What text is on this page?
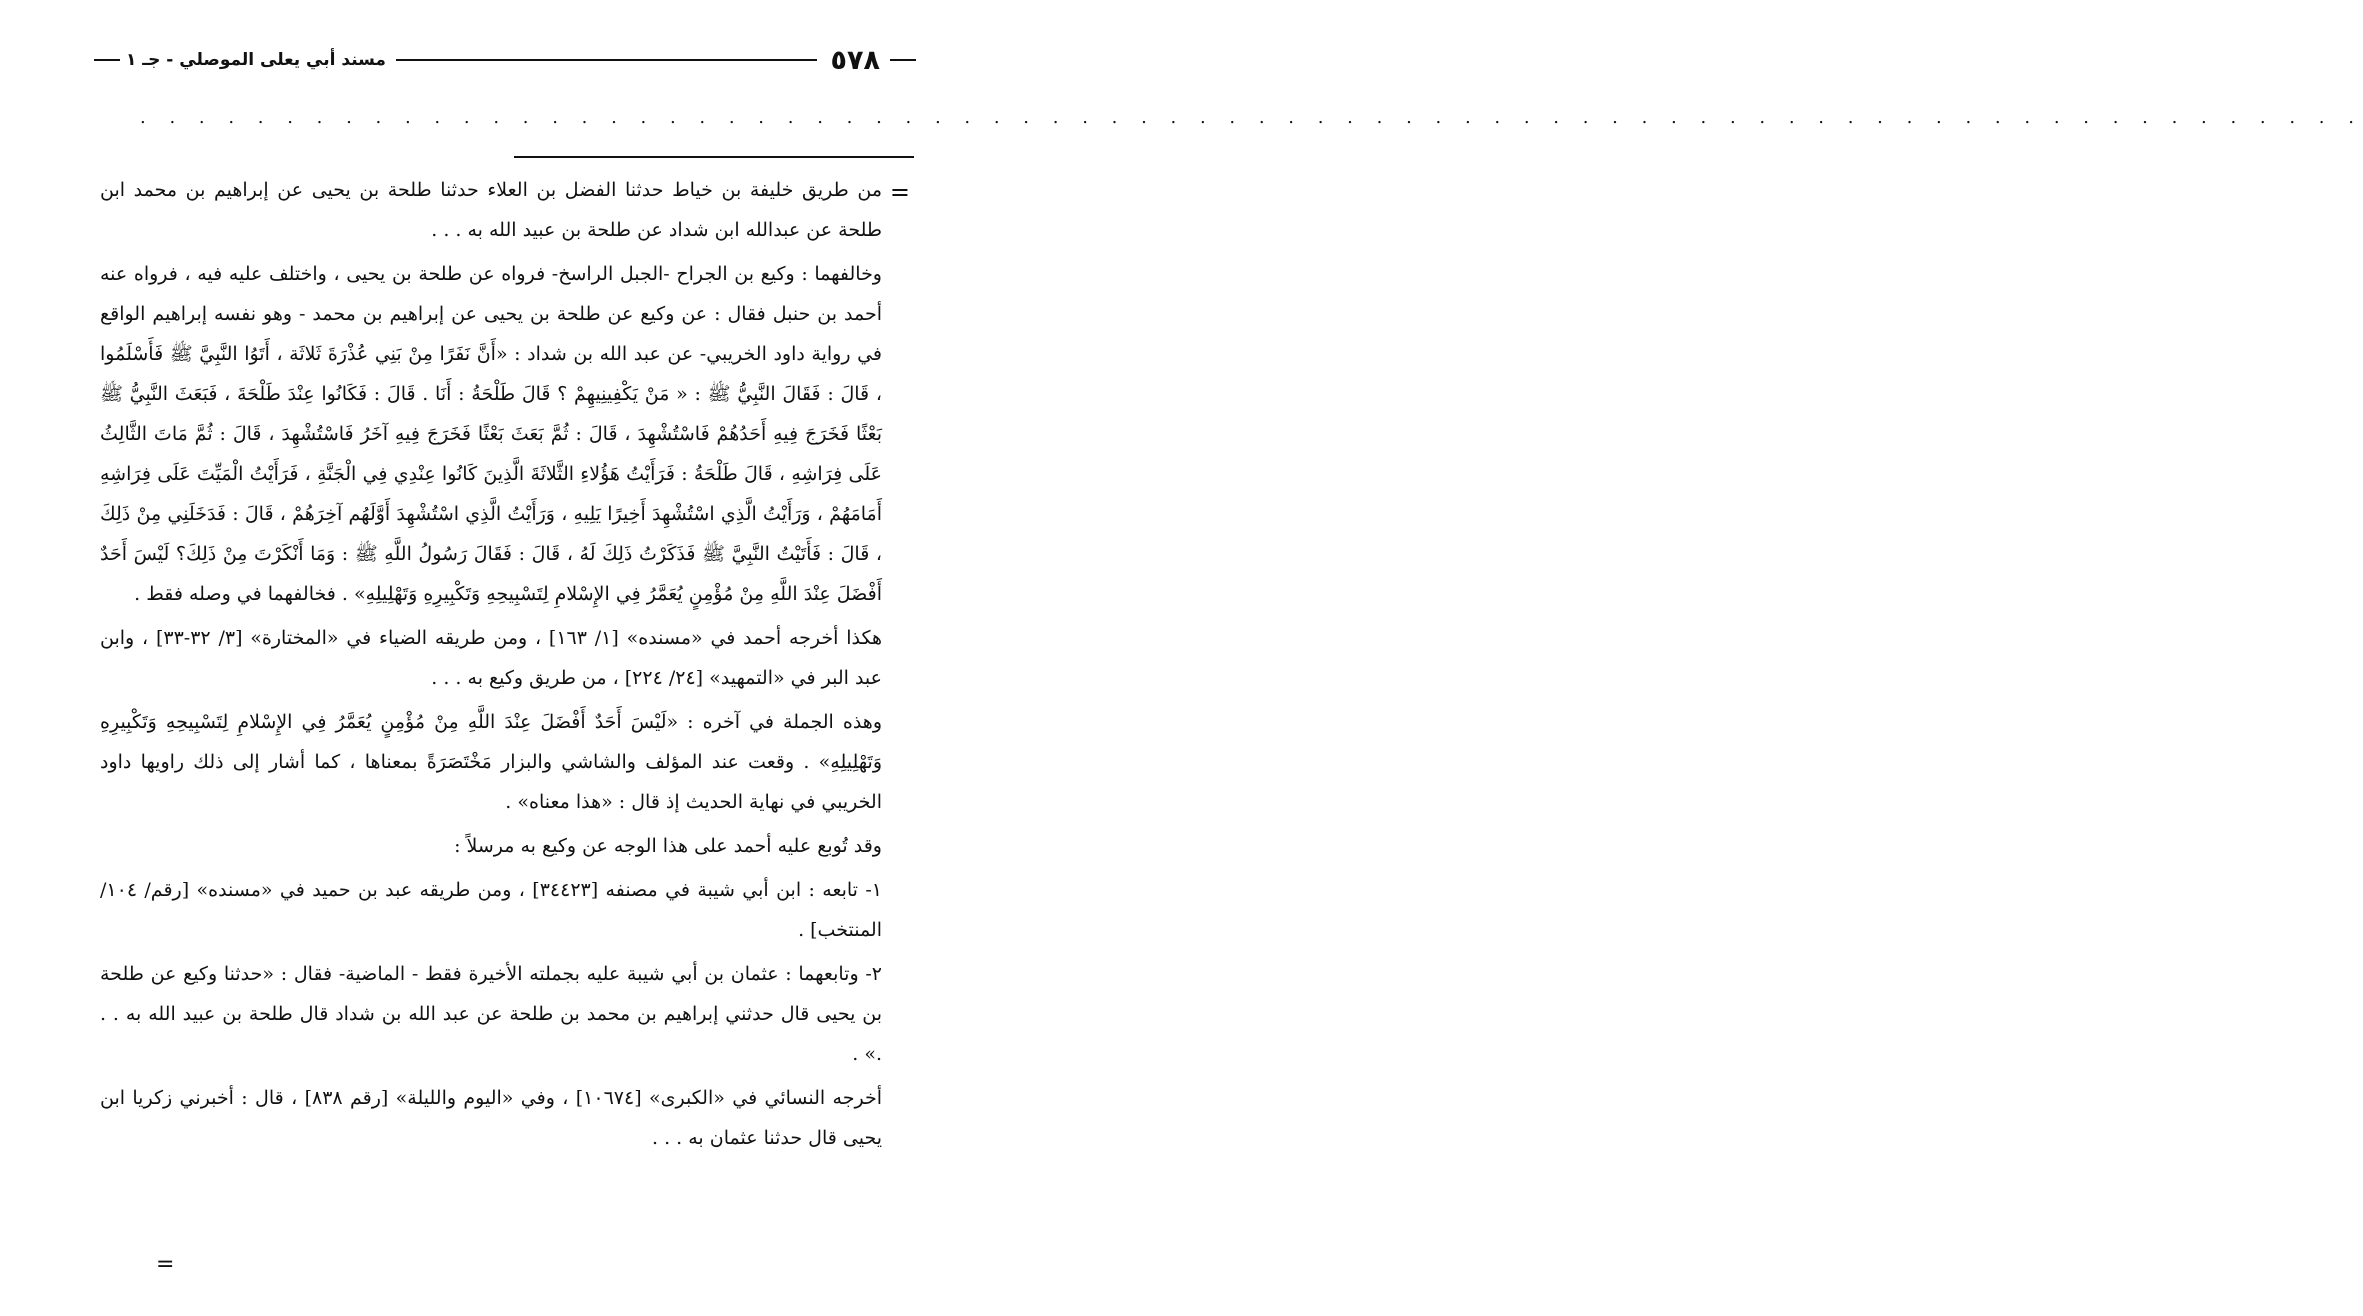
٥٧٨
مسند أبي يعلى الموصلي - جـ ١
. . . . . . . . . . . . . . . . . . . . . . . . . . . . . . . . . . . . . . . . . . . . . . . . . . . . . . . . . . . . . . . . . . . . . . . . . . . .
=

من طريق خليفة بن خياط حدثنا الفضل بن العلاء حدثنا طلحة بن يحيى عن إبراهيم بن محمد ابن طلحة عن عبدالله ابن شداد عن طلحة بن عبيد الله به . . .

وخالفهما : وكيع بن الجراح -الجبل الراسخ- فرواه عن طلحة بن يحيى ، واختلف عليه فيه ، فرواه عنه أحمد بن حنبل فقال : عن وكيع عن طلحة بن يحيى عن إبراهيم بن محمد - وهو نفسه إبراهيم الواقع في رواية داود الخريبي- عن عبد الله بن شداد : «أَنَّ نَفَرًا مِنْ بَنِي عُذْرَةَ ثَلاثَة ، أَتَوُا النَّبِيَّ ﷺ فَأَسْلَمُوا ، قَالَ : فَقَالَ النَّبِيُّ ﷺ : « مَنْ يَكْفِينِيهِمْ ؟ قَالَ طَلْحَةُ : أَنَا . قَالَ : فَكَانُوا عِنْدَ طَلْحَةَ ، فَبَعَثَ النَّبِيُّ ﷺ بَعْثًا فَخَرَجَ فِيهِ أَحَدُهُمْ فَاسْتُشْهِدَ ، قَالَ : ثُمَّ بَعَثَ بَعْثًا فَخَرَجَ فِيهِ آخَرُ فَاسْتُشْهِدَ ، قَالَ : ثُمَّ مَاتَ الثَّالِثُ عَلَى فِرَاشِهِ ، قَالَ طَلْحَةُ : فَرَأَيْتُ هَؤُلاءِ الثَّلاثَةَ الَّذِينَ كَانُوا عِنْدِي فِي الْجَنَّةِ ، فَرَأَيْتُ الْمَيِّتَ عَلَى فِرَاشِهِ أَمَامَهُمْ ، وَرَأَيْتُ الَّذِي اسْتُشْهِدَ أَخِيرًا يَلِيهِ ، وَرَأَيْتُ الَّذِي اسْتُشْهِدَ أَوَّلَهُم آخِرَهُمْ ، قَالَ : فَدَخَلَنِي مِنْ ذَلِكَ ، قَالَ : فَأَتَيْتُ النَّبِيَّ ﷺ فَذَكَرْتُ ذَلِكَ لَهُ ، قَالَ : فَقَالَ رَسُولُ اللَّهِ ﷺ : وَمَا أَنْكَرْتَ مِنْ ذَلِكَ؟ لَيْسَ أَحَدٌ أَفْضَلَ عِنْدَ اللَّهِ مِنْ مُؤْمِنٍ يُعَمَّرُ فِي الإِسْلامِ لِتَسْبِيحِهِ وَتَكْبِيرِهِ وَتَهْلِيلِهِ» . فخالفهما في وصله فقط .

هكذا أخرجه أحمد في «مسنده» [١/ ١٦٣] ، ومن طريقه الضياء في «المختارة» [٣/ ٣٢-٣٣] ، وابن عبد البر في «التمهيد» [٢٤/ ٢٢٤] ، من طريق وكيع به . . .

وهذه الجملة في آخره : «لَيْسَ أَحَدٌ أَفْضَلَ عِنْدَ اللَّهِ مِنْ مُؤْمِنٍ يُعَمَّرُ فِي الإِسْلامِ لِتَسْبِيحِهِ وَتَكْبِيرِهِ وَتَهْلِيلِهِ» . وقعت عند المؤلف والشاشي والبزار مَخْتَصَرَةً بمعناها ، كما أشار إلى ذلك راويها داود الخريبي في نهاية الحديث إذ قال : «هذا معناه» .

وقد تُوبع عليه أحمد على هذا الوجه عن وكيع به مرسلاً :

١- تابعه : ابن أبي شيبة في مصنفه [٣٤٤٢٣] ، ومن طريقه عبد بن حميد في «مسنده» [رقم/ ١٠٤/ المنتخب] .

٢- وتابعهما : عثمان بن أبي شيبة عليه بجملته الأخيرة فقط - الماضية- فقال : «حدثنا وكيع عن طلحة بن يحيى قال حدثني إبراهيم بن محمد بن طلحة عن عبد الله بن شداد قال طلحة بن عبيد الله به . . .» .

أخرجه النسائي في «الكبرى» [١٠٦٧٤] ، وفي «اليوم والليلة» [رقم ٨٣٨] ، قال : أخبرني زكريا ابن يحيى قال حدثنا عثمان به . . .

=
